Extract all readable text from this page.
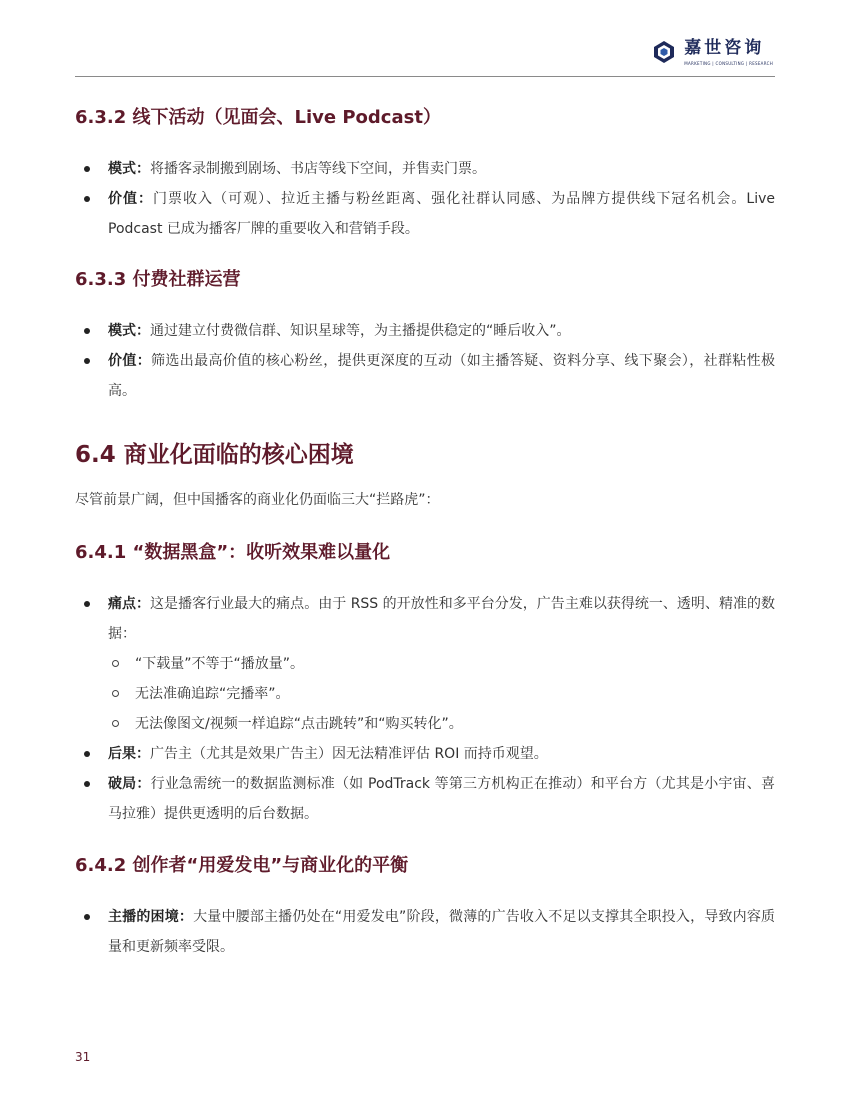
嘉世咨询
MARKETING | CONSULTING | RESEARCH
6.3.2 线下活动（见面会、Live Podcast）
模式：将播客录制搬到剧场、书店等线下空间，并售卖门票。
价值：门票收入（可观）、拉近主播与粉丝距离、强化社群认同感、为品牌方提供线下冠名机会。Live Podcast 已成为播客厂牌的重要收入和营销手段。
6.3.3 付费社群运营
模式：通过建立付费微信群、知识星球等，为主播提供稳定的“睡后收入”。
价值：筛选出最高价值的核心粉丝，提供更深度的互动（如主播答疑、资料分享、线下聚会），社群粘性极高。
6.4 商业化面临的核心困境
尽管前景广阔，但中国播客的商业化仍面临三大“拦路虎”：
6.4.1 “数据黑盒”：收听效果难以量化
痛点：这是播客行业最大的痛点。由于 RSS 的开放性和多平台分发，广告主难以获得统一、透明、精准的数据：
“下载量”不等于“播放量”。
无法准确追踪“完播率”。
无法像图文/视频一样追踪“点击跳转”和“购买转化”。
后果：广告主（尤其是效果广告主）因无法精准评估 ROI 而持币观望。
破局：行业急需统一的数据监测标准（如 PodTrack 等第三方机构正在推动）和平台方（尤其是小宇宙、喜马拉雅）提供更透明的后台数据。
6.4.2 创作者“用爱发电”与商业化的平衡
主播的困境：大量中腰部主播仍处在“用爱发电”阶段，微薄的广告收入不足以支撑其全职投入，导致内容质量和更新频率受限。
31
